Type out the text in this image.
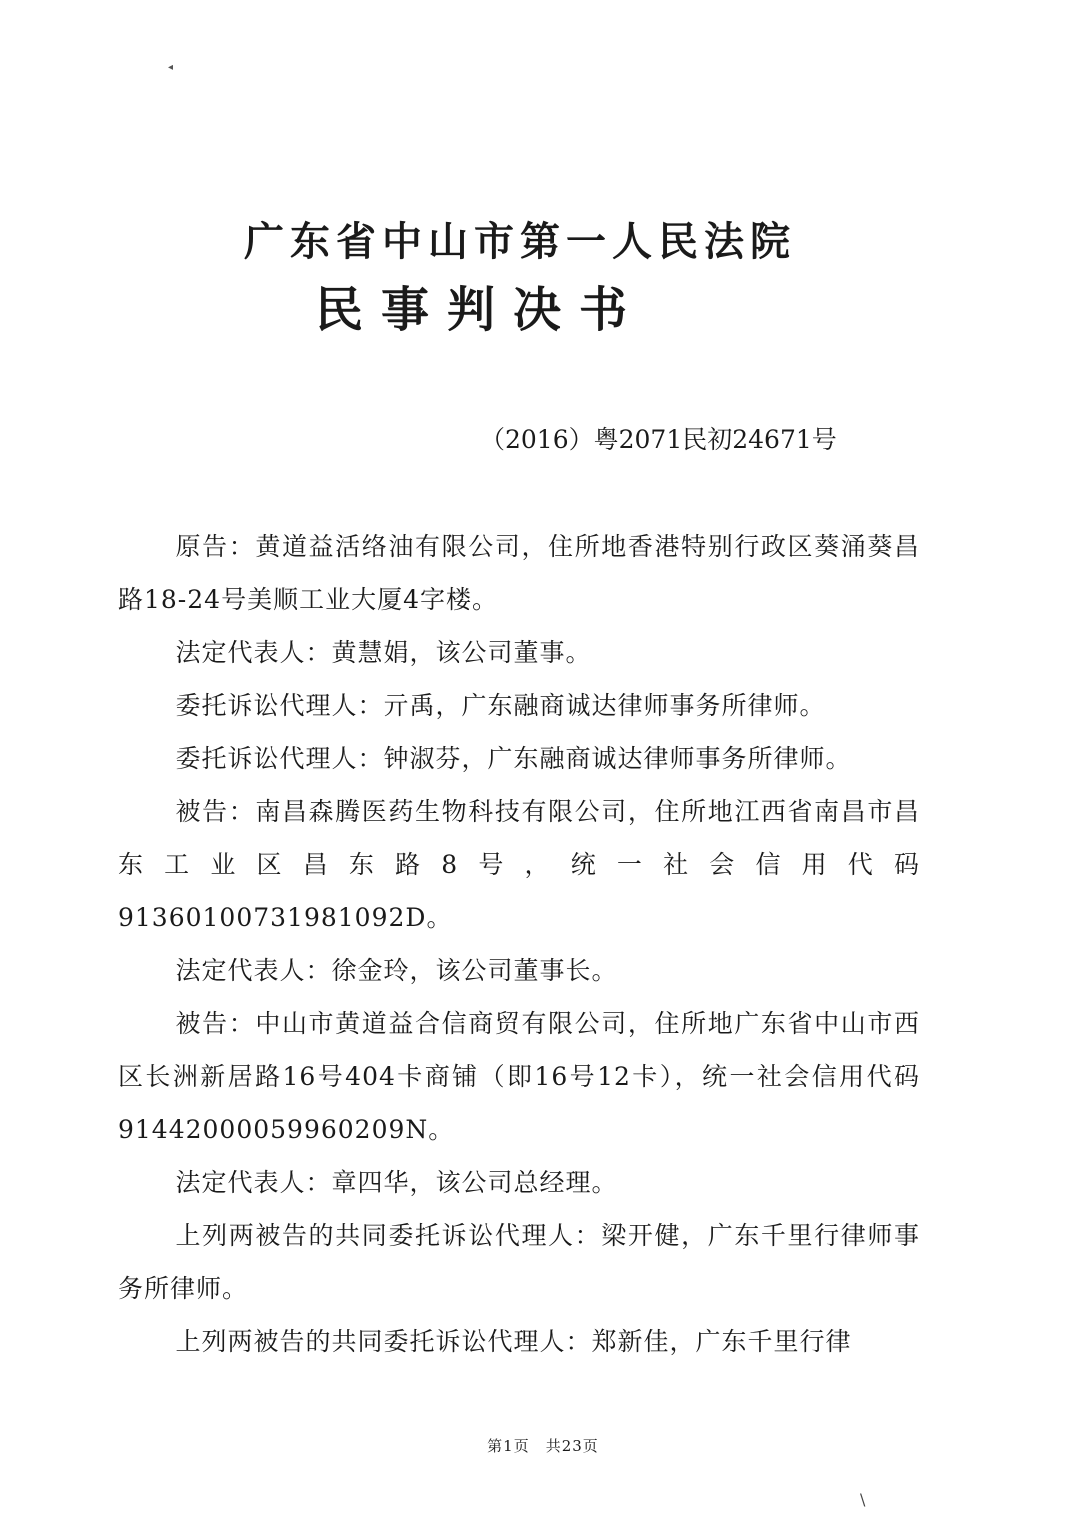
◂
广东省中山市第一人民法院
民事判决书
（2016）粤2071民初24671号

原告：黄道益活络油有限公司，住所地香港特别行政区葵涌葵昌路18-24号美顺工业大厦4字楼。

法定代表人：黄慧娟，该公司董事。

委托诉讼代理人：亓禹，广东融商诚达律师事务所律师。

委托诉讼代理人：钟淑芬，广东融商诚达律师事务所律师。

被告：南昌森腾医药生物科技有限公司，住所地江西省南昌市昌东工业区昌东路8号，统一社会信用代码

91360100731981092D。

法定代表人：徐金玲，该公司董事长。

被告：中山市黄道益合信商贸有限公司，住所地广东省中山市西区长洲新居路16号404卡商铺（即16号12卡），统一社会信用代码91442000059960209N。

法定代表人：章四华，该公司总经理。

上列两被告的共同委托诉讼代理人：梁开健，广东千里行律师事务所律师。

上列两被告的共同委托诉讼代理人：郑新佳，广东千里行律

第1页　共23页
\
